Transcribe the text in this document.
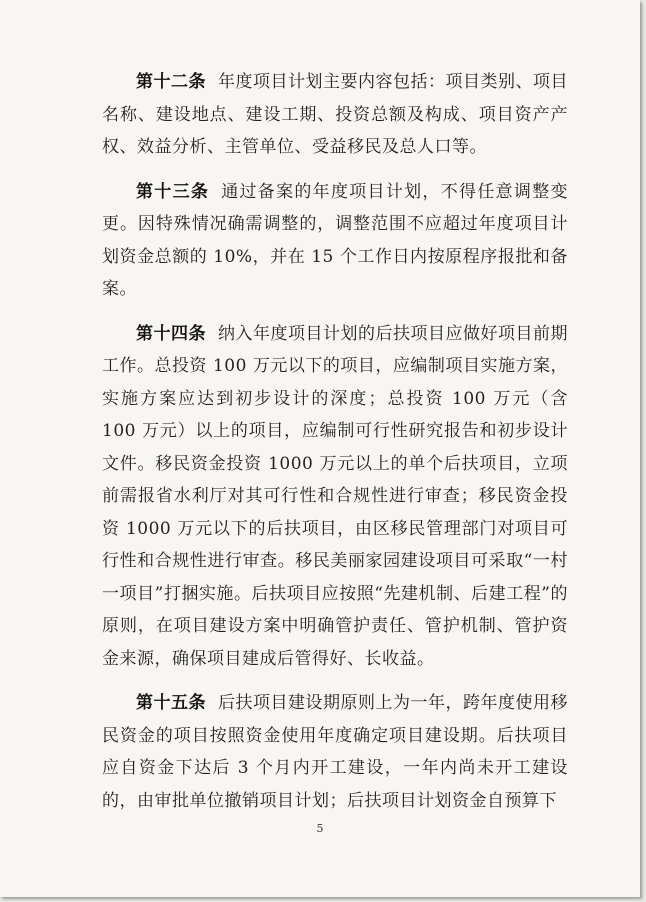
第十二条 年度项目计划主要内容包括：项目类别、项目名称、建设地点、建设工期、投资总额及构成、项目资产产权、效益分析、主管单位、受益移民及总人口等。

第十三条 通过备案的年度项目计划，不得任意调整变更。因特殊情况确需调整的，调整范围不应超过年度项目计划资金总额的 10%，并在 15 个工作日内按原程序报批和备案。

第十四条 纳入年度项目计划的后扶项目应做好项目前期工作。总投资 100 万元以下的项目，应编制项目实施方案，实施方案应达到初步设计的深度；总投资 100 万元（含 100 万元）以上的项目，应编制可行性研究报告和初步设计文件。移民资金投资 1000 万元以上的单个后扶项目，立项前需报省水利厅对其可行性和合规性进行审查；移民资金投资 1000 万元以下的后扶项目，由区移民管理部门对项目可行性和合规性进行审查。移民美丽家园建设项目可采取“一村一项目”打捆实施。后扶项目应按照“先建机制、后建工程”的原则，在项目建设方案中明确管护责任、管护机制、管护资金来源，确保项目建成后管得好、长收益。

第十五条 后扶项目建设期原则上为一年，跨年度使用移民资金的项目按照资金使用年度确定项目建设期。后扶项目应自资金下达后 3 个月内开工建设，一年内尚未开工建设的，由审批单位撤销项目计划；后扶项目计划资金自预算下

5
